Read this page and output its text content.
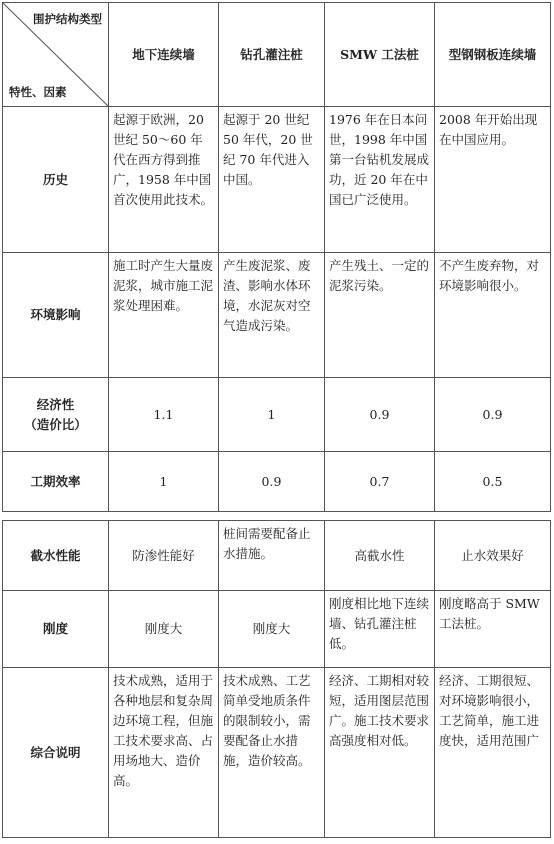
围护结构类型
特性、因素	地下连续墙	钻孔灌注桩	SMW 工法桩	型钢钢板连续墙
历史	起源于欧洲，20世纪 50～60 年代在西方得到推广，1958 年中国首次使用此技术。	起源于 20 世纪 50 年代，20 世纪 70 年代进入中国。	1976 年在日本问世，1998 年中国第一台钻机发展成功，近 20 年在中国已广泛使用。	2008 年开始出现在中国应用。
环境影响	施工时产生大量废泥浆，城市施工泥浆处理困难。	产生废泥浆、废渣、影响水体环境，水泥灰对空气造成污染。	产生残土、一定的泥浆污染。	不产生废弃物，对环境影响很小。

经济性
（造价比）	1.1	1	0.9	0.9
工期效率	1	0.9	0.7	0.5
截水性能	防渗性能好	桩间需要配备止水措施。	高截水性	止水效果好
刚度	刚度大	刚度大	刚度相比地下连续墙、钻孔灌注桩低。	刚度略高于 SMW 工法桩。
综合说明	技术成熟，适用于各种地层和复杂周边环境工程，但施工技术要求高、占用场地大、造价高。	技术成熟、工艺简单受地质条件的限制较小，需要配备止水措施，造价较高。	经济、工期相对较短，适用图层范围广。施工技术要求高强度相对低。	经济、工期很短、对环境影响很小，工艺简单，施工进度快，适用范围广
